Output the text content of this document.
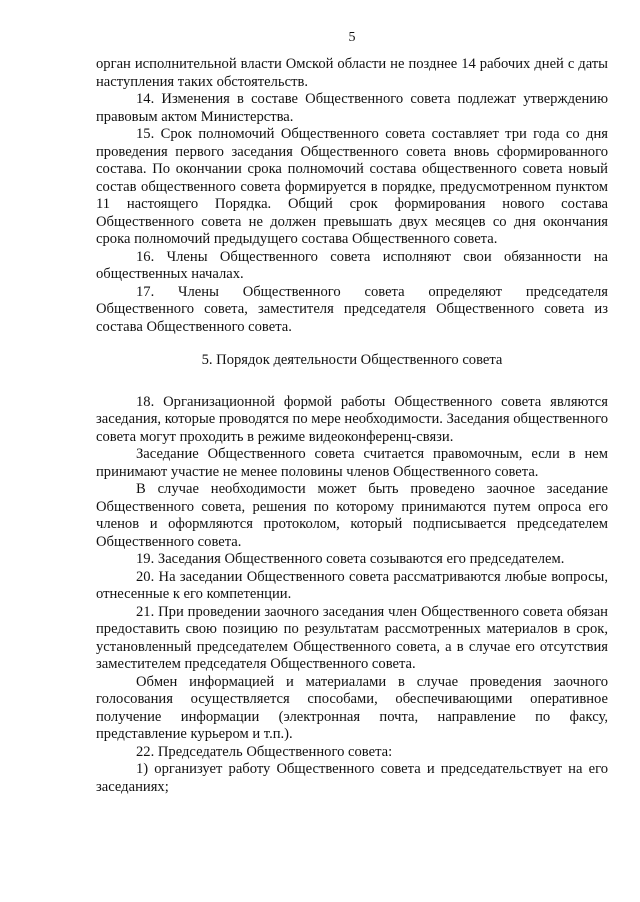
5

орган исполнительной власти Омской области не позднее 14 рабочих дней с даты наступления таких обстоятельств.

14. Изменения в составе Общественного совета подлежат утверждению правовым актом Министерства.

15. Срок полномочий Общественного совета составляет три года со дня проведения первого заседания Общественного совета вновь сформированного состава. По окончании срока полномочий состава общественного совета новый состав общественного совета формируется в порядке, предусмотренном пунктом 11 настоящего Порядка. Общий срок формирования нового состава Общественного совета не должен превышать двух месяцев со дня окончания срока полномочий предыдущего состава Общественного совета.

16. Члены Общественного совета исполняют свои обязанности на общественных началах.

17. Члены Общественного совета определяют председателя Общественного совета, заместителя председателя Общественного совета из состава Общественного совета.

5. Порядок деятельности Общественного совета

18. Организационной формой работы Общественного совета являются заседания, которые проводятся по мере необходимости. Заседания общественного совета могут проходить в режиме видеоконференц-связи.

Заседание Общественного совета считается правомочным, если в нем принимают участие не менее половины членов Общественного совета.

В случае необходимости может быть проведено заочное заседание Общественного совета, решения по которому принимаются путем опроса его членов и оформляются протоколом, который подписывается председателем Общественного совета.

19. Заседания Общественного совета созываются его председателем.

20. На заседании Общественного совета рассматриваются любые вопросы, отнесенные к его компетенции.

21. При проведении заочного заседания член Общественного совета обязан предоставить свою позицию по результатам рассмотренных материалов в срок, установленный председателем Общественного совета, а в случае его отсутствия заместителем председателя Общественного совета.

Обмен информацией и материалами в случае проведения заочного голосования осуществляется способами, обеспечивающими оперативное получение информации (электронная почта, направление по факсу, представление курьером и т.п.).

22. Председатель Общественного совета:

1) организует работу Общественного совета и председательствует на его заседаниях;
